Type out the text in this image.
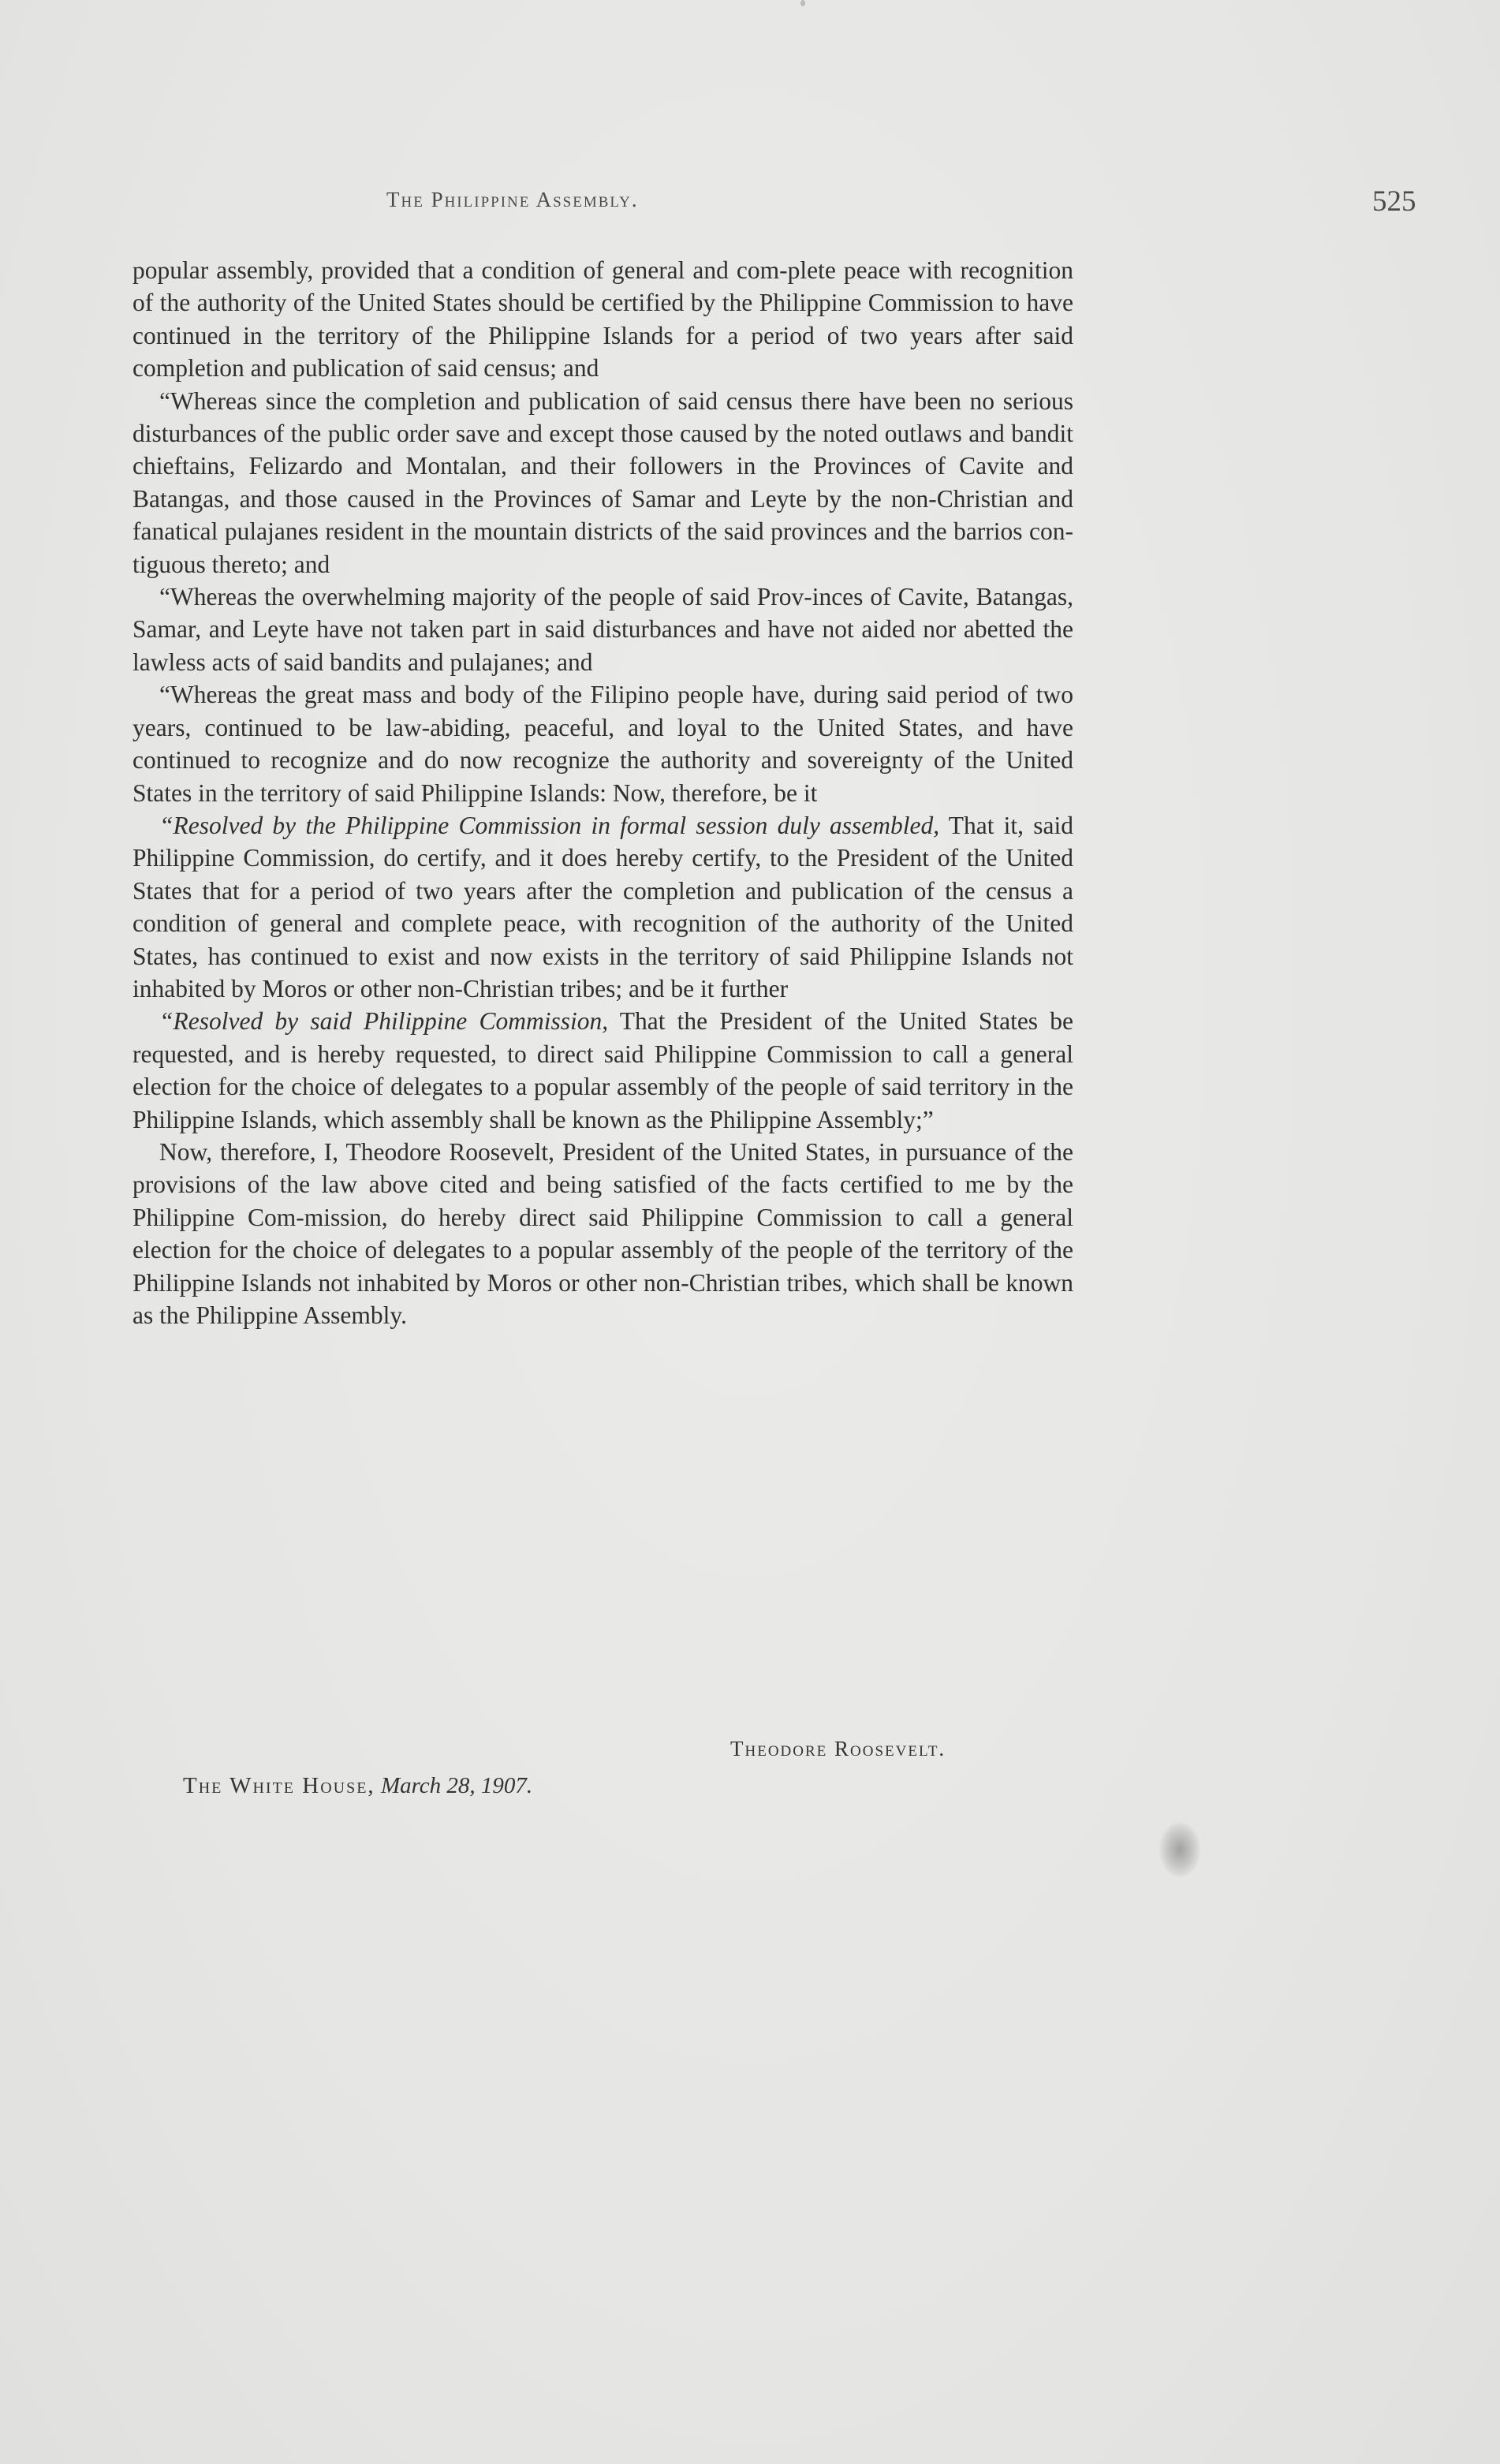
The Philippine Assembly.	525

popular assembly, provided that a condition of general and com-plete peace with recognition of the authority of the United States should be certified by the Philippine Commission to have continued in the territory of the Philippine Islands for a period of two years after said completion and publication of said census; and

“Whereas since the completion and publication of said census there have been no serious disturbances of the public order save and except those caused by the noted outlaws and bandit chieftains, Felizardo and Montalan, and their followers in the Provinces of Cavite and Batangas, and those caused in the Provinces of Samar and Leyte by the non-Christian and fanatical pulajanes resident in the mountain districts of the said provinces and the barrios con-tiguous thereto; and

“Whereas the overwhelming majority of the people of said Prov-inces of Cavite, Batangas, Samar, and Leyte have not taken part in said disturbances and have not aided nor abetted the lawless acts of said bandits and pulajanes; and

“Whereas the great mass and body of the Filipino people have, during said period of two years, continued to be law-abiding, peaceful, and loyal to the United States, and have continued to recognize and do now recognize the authority and sovereignty of the United States in the territory of said Philippine Islands: Now, therefore, be it

“Resolved by the Philippine Commission in formal session duly assembled, That it, said Philippine Commission, do certify, and it does hereby certify, to the President of the United States that for a period of two years after the completion and publication of the census a condition of general and complete peace, with recognition of the authority of the United States, has continued to exist and now exists in the territory of said Philippine Islands not inhabited by Moros or other non-Christian tribes; and be it further

“Resolved by said Philippine Commission, That the President of the United States be requested, and is hereby requested, to direct said Philippine Commission to call a general election for the choice of delegates to a popular assembly of the people of said territory in the Philippine Islands, which assembly shall be known as the Philippine Assembly;”

Now, therefore, I, Theodore Roosevelt, President of the United States, in pursuance of the provisions of the law above cited and being satisfied of the facts certified to me by the Philippine Com-mission, do hereby direct said Philippine Commission to call a general election for the choice of delegates to a popular assembly of the people of the territory of the Philippine Islands not inhabited by Moros or other non-Christian tribes, which shall be known as the Philippine Assembly.

Theodore Roosevelt.
The White House, March 28, 1907.
